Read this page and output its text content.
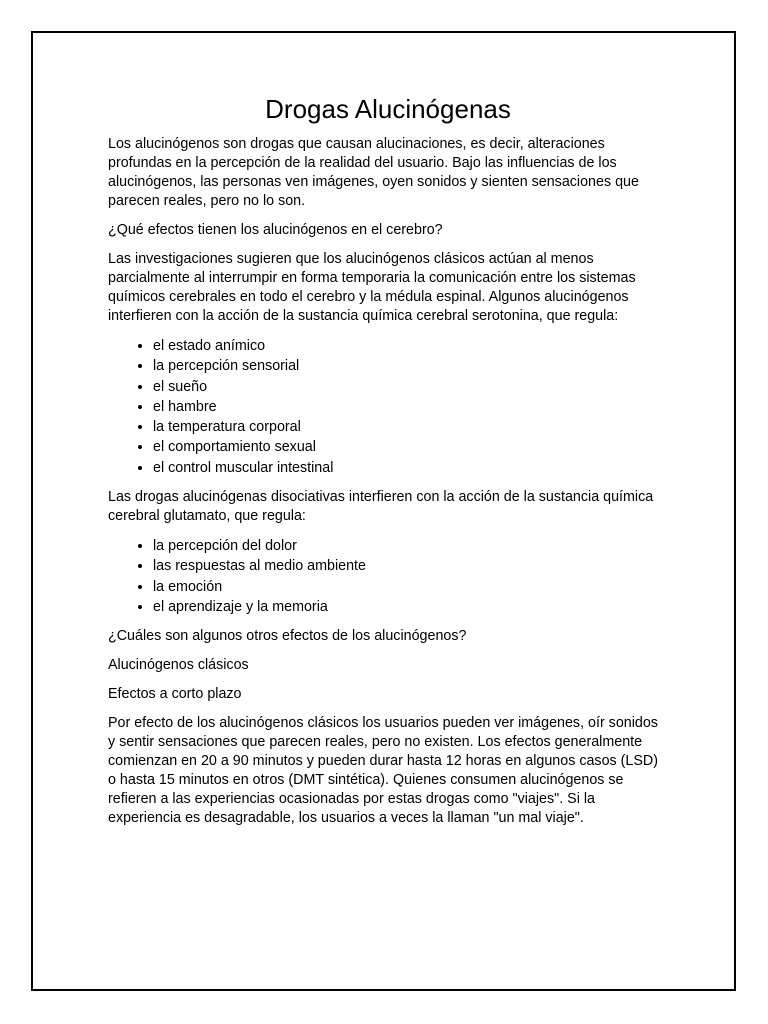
Drogas Alucinógenas

Los alucinógenos son drogas que causan alucinaciones, es decir, alteraciones profundas en la percepción de la realidad del usuario. Bajo las influencias de los alucinógenos, las personas ven imágenes, oyen sonidos y sienten sensaciones que parecen reales, pero no lo son.

¿Qué efectos tienen los alucinógenos en el cerebro?

Las investigaciones sugieren que los alucinógenos clásicos actúan al menos parcialmente al interrumpir en forma temporaria la comunicación entre los sistemas químicos cerebrales en todo el cerebro y la médula espinal. Algunos alucinógenos interfieren con la acción de la sustancia química cerebral serotonina, que regula:

• el estado anímico
• la percepción sensorial
• el sueño
• el hambre
• la temperatura corporal
• el comportamiento sexual
• el control muscular intestinal

Las drogas alucinógenas disociativas interfieren con la acción de la sustancia química cerebral glutamato, que regula:

• la percepción del dolor
• las respuestas al medio ambiente
• la emoción
• el aprendizaje y la memoria

¿Cuáles son algunos otros efectos de los alucinógenos?

Alucinógenos clásicos

Efectos a corto plazo

Por efecto de los alucinógenos clásicos los usuarios pueden ver imágenes, oír sonidos y sentir sensaciones que parecen reales, pero no existen. Los efectos generalmente comienzan en 20 a 90 minutos y pueden durar hasta 12 horas en algunos casos (LSD) o hasta 15 minutos en otros (DMT sintética). Quienes consumen alucinógenos se refieren a las experiencias ocasionadas por estas drogas como "viajes". Si la experiencia es desagradable, los usuarios a veces la llaman "un mal viaje".
